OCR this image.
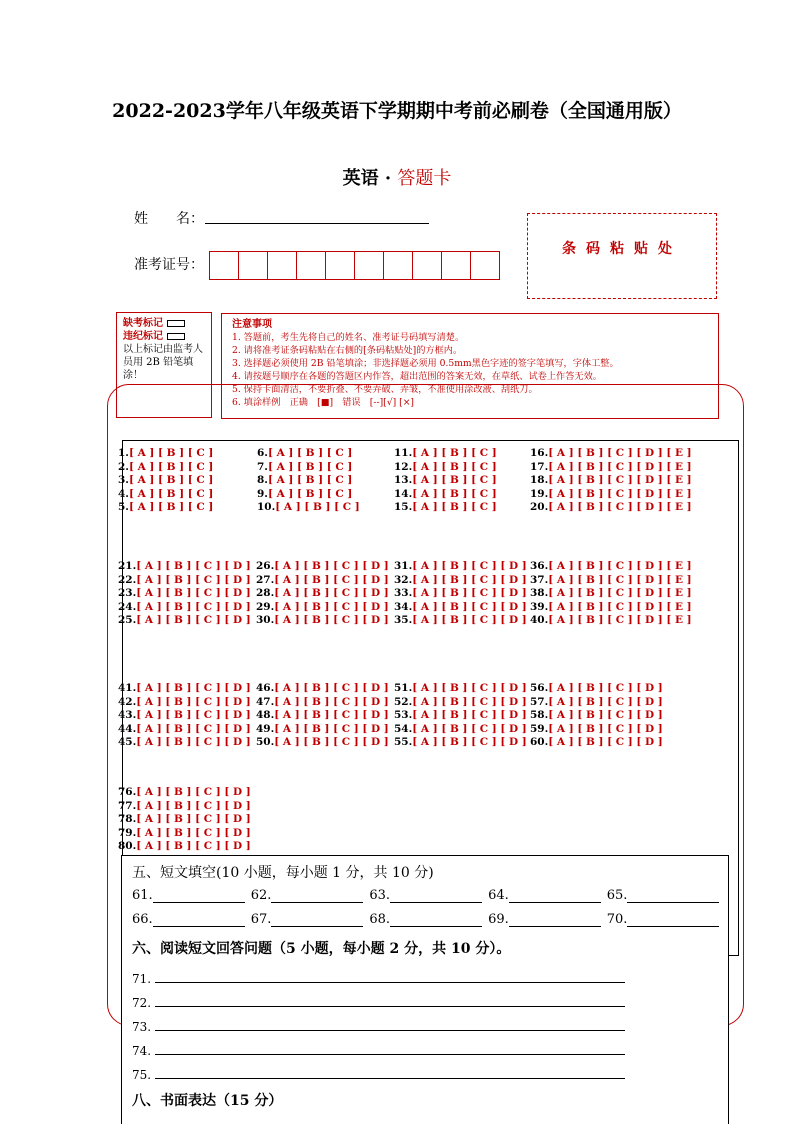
2022-2023学年八年级英语下学期期中考前必刷卷（全国通用版）
英语 · 答题卡
姓　　名：
准考证号：
条码粘贴处
缺考标记
违纪标记
以上标记由监考人员用 2B 铅笔填涂！
注意事项
1. 答题前，考生先将自己的姓名、准考证号码填写清楚。
2. 请将准考证条码粘贴在右侧的[条码粘贴处]的方框内。
3. 选择题必须使用 2B 铅笔填涂；非选择题必须用 0.5mm黑色字迹的签字笔填写，字体工整。
4. 请按题号顺序在各题的答题区内作答，超出范围的答案无效，在草纸、试卷上作答无效。
5. 保持卡面清洁，不要折叠、不要弄破、弄皱，不准使用涂改液、刮纸刀。
6. 填涂样例　正确　[■]　错误　[--][√] [×]
1.[ A ] [ B ] [ C ]
2.[ A ] [ B ] [ C ]
3.[ A ] [ B ] [ C ]
4.[ A ] [ B ] [ C ]
5.[ A ] [ B ] [ C ]
6.[ A ] [ B ] [ C ]
7.[ A ] [ B ] [ C ]
8.[ A ] [ B ] [ C ]
9.[ A ] [ B ] [ C ]
10.[ A ] [ B ] [ C ]
11.[ A ] [ B ] [ C ]
12.[ A ] [ B ] [ C ]
13.[ A ] [ B ] [ C ]
14.[ A ] [ B ] [ C ]
15.[ A ] [ B ] [ C ]
16.[ A ] [ B ] [ C ] [ D ] [ E ]
17.[ A ] [ B ] [ C ] [ D ] [ E ]
18.[ A ] [ B ] [ C ] [ D ] [ E ]
19.[ A ] [ B ] [ C ] [ D ] [ E ]
20.[ A ] [ B ] [ C ] [ D ] [ E ]
21.[ A ] [ B ] [ C ] [ D ]
22.[ A ] [ B ] [ C ] [ D ]
23.[ A ] [ B ] [ C ] [ D ]
24.[ A ] [ B ] [ C ] [ D ]
25.[ A ] [ B ] [ C ] [ D ]
26.[ A ] [ B ] [ C ] [ D ]
27.[ A ] [ B ] [ C ] [ D ]
28.[ A ] [ B ] [ C ] [ D ]
29.[ A ] [ B ] [ C ] [ D ]
30.[ A ] [ B ] [ C ] [ D ]
31.[ A ] [ B ] [ C ] [ D ]
32.[ A ] [ B ] [ C ] [ D ]
33.[ A ] [ B ] [ C ] [ D ]
34.[ A ] [ B ] [ C ] [ D ]
35.[ A ] [ B ] [ C ] [ D ]
36.[ A ] [ B ] [ C ] [ D ] [ E ]
37.[ A ] [ B ] [ C ] [ D ] [ E ]
38.[ A ] [ B ] [ C ] [ D ] [ E ]
39.[ A ] [ B ] [ C ] [ D ] [ E ]
40.[ A ] [ B ] [ C ] [ D ] [ E ]
41.[ A ] [ B ] [ C ] [ D ]
42.[ A ] [ B ] [ C ] [ D ]
43.[ A ] [ B ] [ C ] [ D ]
44.[ A ] [ B ] [ C ] [ D ]
45.[ A ] [ B ] [ C ] [ D ]
46.[ A ] [ B ] [ C ] [ D ]
47.[ A ] [ B ] [ C ] [ D ]
48.[ A ] [ B ] [ C ] [ D ]
49.[ A ] [ B ] [ C ] [ D ]
50.[ A ] [ B ] [ C ] [ D ]
51.[ A ] [ B ] [ C ] [ D ]
52.[ A ] [ B ] [ C ] [ D ]
53.[ A ] [ B ] [ C ] [ D ]
54.[ A ] [ B ] [ C ] [ D ]
55.[ A ] [ B ] [ C ] [ D ]
56.[ A ] [ B ] [ C ] [ D ]
57.[ A ] [ B ] [ C ] [ D ]
58.[ A ] [ B ] [ C ] [ D ]
59.[ A ] [ B ] [ C ] [ D ]
60.[ A ] [ B ] [ C ] [ D ]
76.[ A ] [ B ] [ C ] [ D ]
77.[ A ] [ B ] [ C ] [ D ]
78.[ A ] [ B ] [ C ] [ D ]
79.[ A ] [ B ] [ C ] [ D ]
80.[ A ] [ B ] [ C ] [ D ]
五、短文填空(10 小题，每小题 1 分，共 10 分)
61.	62.	63.	64.	65.
66.	67.	68.	69.	70.
六、阅读短文回答问题（5 小题，每小题 2 分，共 10 分）。
71.
72.
73.
74.
75.
八、书面表达（15 分）
